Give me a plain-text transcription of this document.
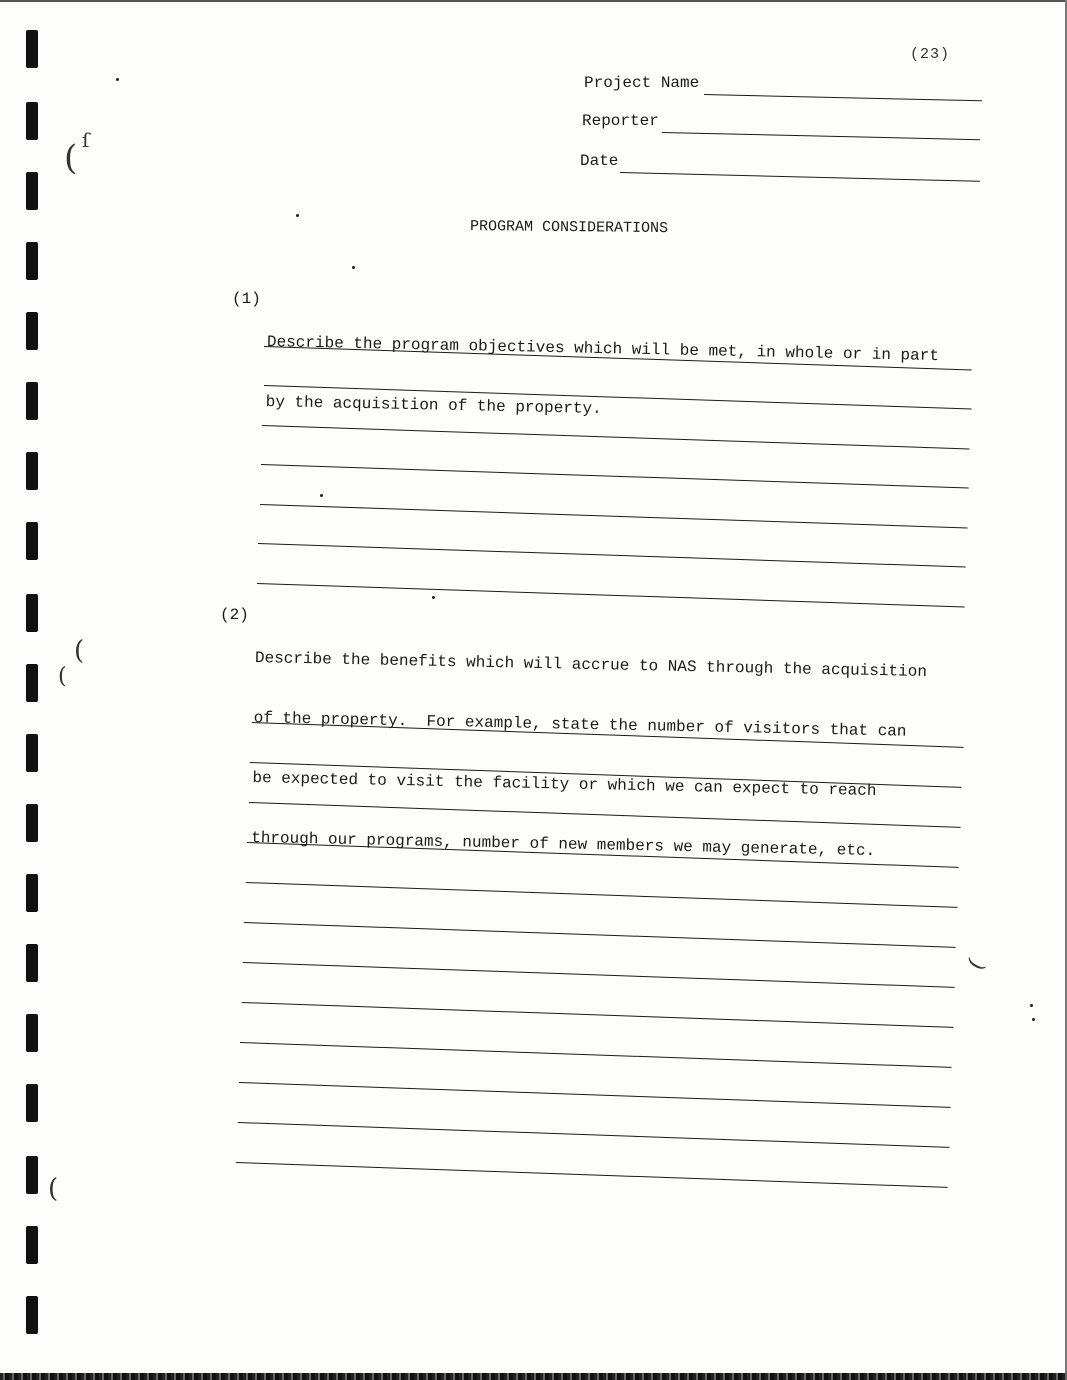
( ſ
(
(
(
(
(23)
Project Name
Reporter
Date
PROGRAM CONSIDERATIONS
(1)

Describe the program objectives which will be met, in whole or in part

by the acquisition of the property.

(2)

Describe the benefits which will accrue to NAS through the acquisition

of the property.  For example, state the number of visitors that can

be expected to visit the facility or which we can expect to reach

through our programs, number of new members we may generate, etc.
